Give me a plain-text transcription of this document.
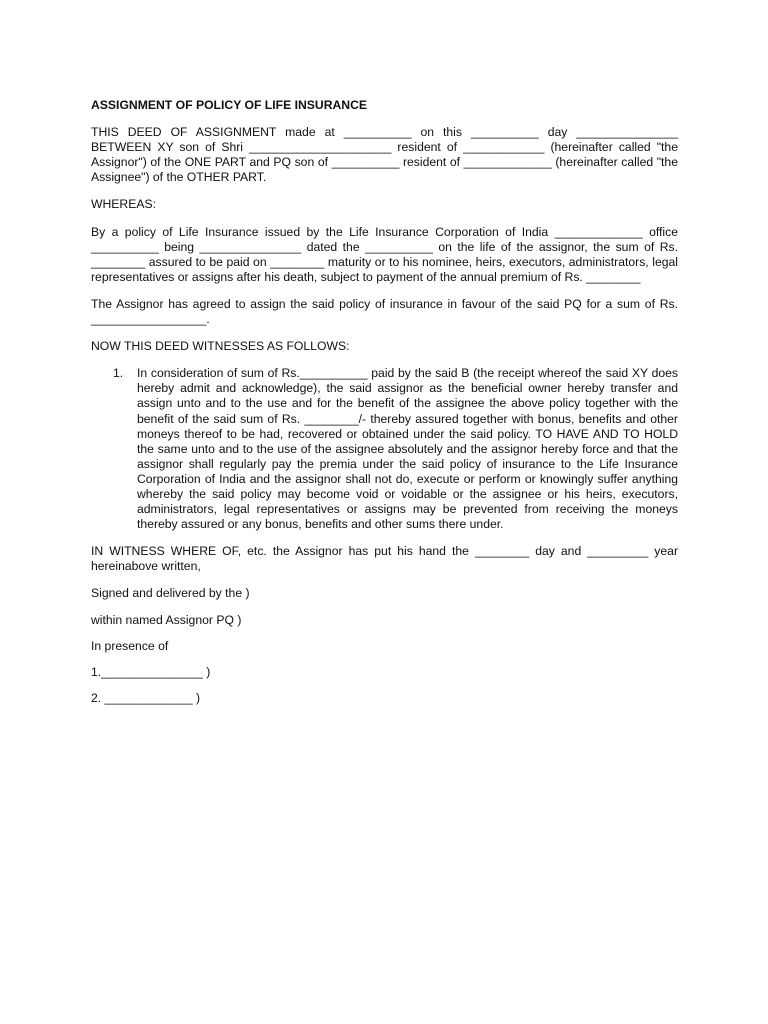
ASSIGNMENT OF POLICY OF LIFE INSURANCE

THIS DEED OF ASSIGNMENT made at __________ on this __________ day _______________ BETWEEN XY son of Shri _____________________ resident of ____________ (hereinafter called "the Assignor") of the ONE PART and PQ son of __________ resident of _____________ (hereinafter called "the Assignee") of the OTHER PART.

WHEREAS:

By a policy of Life Insurance issued by the Life Insurance Corporation of India _____________ office __________ being _______________ dated the __________ on the life of the assignor, the sum of Rs. ________ assured to be paid on ________ maturity or to his nominee, heirs, executors, administrators, legal representatives or assigns after his death, subject to payment of the annual premium of Rs. ________

The Assignor has agreed to assign the said policy of insurance in favour of the said PQ for a sum of Rs. _________________.

NOW THIS DEED WITNESSES AS FOLLOWS:

1. In consideration of sum of Rs.__________ paid by the said B (the receipt whereof the said XY does hereby admit and acknowledge), the said assignor as the beneficial owner hereby transfer and assign unto and to the use and for the benefit of the assignee the above policy together with the benefit of the said sum of Rs. ________/- thereby assured together with bonus, benefits and other moneys thereof to be had, recovered or obtained under the said policy. TO HAVE AND TO HOLD the same unto and to the use of the assignee absolutely and the assignor hereby force and that the assignor shall regularly pay the premia under the said policy of insurance to the Life Insurance Corporation of India and the assignor shall not do, execute or perform or knowingly suffer anything whereby the said policy may become void or voidable or the assignee or his heirs, executors, administrators, legal representatives or assigns may be prevented from receiving the moneys thereby assured or any bonus, benefits and other sums there under.

IN WITNESS WHERE OF, etc. the Assignor has put his hand the ________ day and _________ year hereinabove written,

Signed and delivered by the )
within named Assignor PQ )
In presence of
1._______________ )
2. _____________ )
